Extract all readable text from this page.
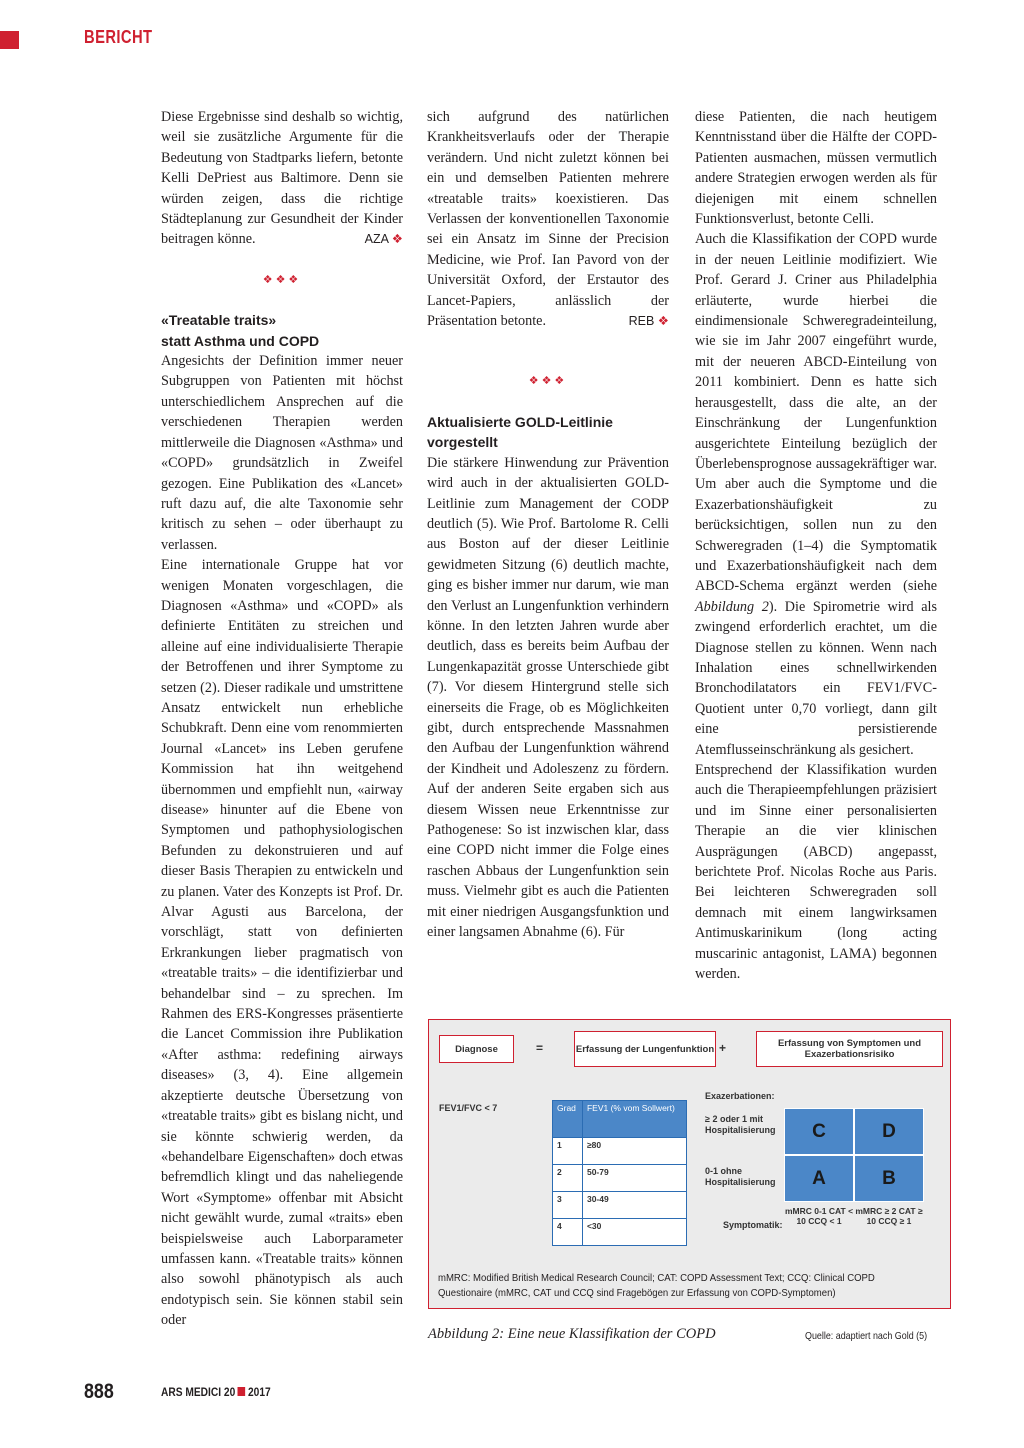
BERICHT

Diese Ergebnisse sind deshalb so wichtig, weil sie zusätzliche Argumente für die Bedeutung von Stadtparks liefern, betonte Kelli DePriest aus Baltimore. Denn sie würden zeigen, dass die richtige Städteplanung zur Gesundheit der Kinder beitragen könne.	AZA ❖

❖❖❖
«Treatable traits»
statt Asthma und COPD

Angesichts der Definition immer neuer Subgruppen von Patienten mit höchst unterschiedlichem Ansprechen auf die verschiedenen Therapien werden mittlerweile die Diagnosen «Asthma» und «COPD» grundsätzlich in Zweifel gezogen. Eine Publikation des «Lancet» ruft dazu auf, die alte Taxonomie sehr kritisch zu sehen – oder überhaupt zu verlassen.

Eine internationale Gruppe hat vor wenigen Monaten vorgeschlagen, die Diagnosen «Asthma» und «COPD» als definierte Entitäten zu streichen und alleine auf eine individualisierte Therapie der Betroffenen und ihrer Symptome zu setzen (2). Dieser radikale und umstrittene Ansatz entwickelt nun erhebliche Schubkraft. Denn eine vom renommierten Journal «Lancet» ins Leben gerufene Kommission hat ihn weitgehend übernommen und empfiehlt nun, «airway disease» hinunter auf die Ebene von Symptomen und pathophysiologischen Befunden zu dekonstruieren und auf dieser Basis Therapien zu entwickeln und zu planen. Vater des Konzepts ist Prof. Dr. Alvar Agusti aus Barcelona, der vorschlägt, statt von definierten Erkrankungen lieber pragmatisch von «treatable traits» – die identifizierbar und behandelbar sind – zu sprechen. Im Rahmen des ERS-Kongresses präsentierte die Lancet Commission ihre Publikation «After asthma: redefining airways diseases» (3, 4). Eine allgemein akzeptierte deutsche Übersetzung von «treatable traits» gibt es bislang nicht, und sie könnte schwierig werden, da «behandelbare Eigenschaften» doch etwas befremdlich klingt und das naheliegende Wort «Symptome» offenbar mit Absicht nicht gewählt wurde, zumal «traits» eben beispielsweise auch Laborparameter umfassen kann. «Treatable traits» können also sowohl phänotypisch als auch endotypisch sein. Sie können stabil sein oder

sich aufgrund des natürlichen Krankheitsverlaufs oder der Therapie verändern. Und nicht zuletzt können bei ein und demselben Patienten mehrere «treatable traits» koexistieren. Das Verlassen der konventionellen Taxonomie sei ein Ansatz im Sinne der Precision Medicine, wie Prof. Ian Pavord von der Universität Oxford, der Erstautor des Lancet-Papiers, anlässlich der Präsentation betonte.	REB ❖

❖❖❖
Aktualisierte GOLD-Leitlinie
vorgestellt

Die stärkere Hinwendung zur Prävention wird auch in der aktualisierten GOLD-Leitlinie zum Management der CODP deutlich (5). Wie Prof. Bartolome R. Celli aus Boston auf der dieser Leitlinie gewidmeten Sitzung (6) deutlich machte, ging es bisher immer nur darum, wie man den Verlust an Lungenfunktion verhindern könne. In den letzten Jahren wurde aber deutlich, dass es bereits beim Aufbau der Lungenkapazität grosse Unterschiede gibt (7). Vor diesem Hintergrund stelle sich einerseits die Frage, ob es Möglichkeiten gibt, durch entsprechende Massnahmen den Aufbau der Lungenfunktion während der Kindheit und Adoleszenz zu fördern. Auf der anderen Seite ergaben sich aus diesem Wissen neue Erkenntnisse zur Pathogenese: So ist inzwischen klar, dass eine COPD nicht immer die Folge eines raschen Abbaus der Lungenfunktion sein muss. Vielmehr gibt es auch die Patienten mit einer niedrigen Ausgangsfunktion und einer langsamen Abnahme (6). Für

diese Patienten, die nach heutigem Kenntnisstand über die Hälfte der COPD-Patienten ausmachen, müssen vermutlich andere Strategien erwogen werden als für diejenigen mit einem schnellen Funktionsverlust, betonte Celli.

Auch die Klassifikation der COPD wurde in der neuen Leitlinie modifiziert. Wie Prof. Gerard J. Criner aus Philadelphia erläuterte, wurde hierbei die eindimensionale Schweregradeinteilung, wie sie im Jahr 2007 eingeführt wurde, mit der neueren ABCD-Einteilung von 2011 kombiniert. Denn es hatte sich herausgestellt, dass die alte, an der Einschränkung der Lungenfunktion ausgerichtete Einteilung bezüglich der Überlebensprognose aussagekräftiger war. Um aber auch die Symptome und die Exazerbationshäufigkeit zu berücksichtigen, sollen nun zu den Schweregraden (1–4) die Symptomatik und Exazerbationshäufigkeit nach dem ABCD-Schema ergänzt werden (siehe Abbildung 2). Die Spirometrie wird als zwingend erforderlich erachtet, um die Diagnose stellen zu können. Wenn nach Inhalation eines schnellwirkenden Bronchodilatators ein FEV1/FVC-Quotient unter 0,70 vorliegt, dann gilt eine persistierende Atemflusseinschränkung als gesichert.

Entsprechend der Klassifikation wurden auch die Therapieempfehlungen präzisiert und im Sinne einer personalisierten Therapie an die vier klinischen Ausprägungen (ABCD) angepasst, berichtete Prof. Nicolas Roche aus Paris. Bei leichteren Schweregraden soll demnach mit einem langwirksamen Antimuskarinikum (long acting muscarinic antagonist, LAMA) begonnen werden.

Diagnose	=	Erfassung der Lungenfunktion +	Erfassung von Symptomen und Exazerbationsrisiko
FEV1/FVC < 7	Grad	FEV1 (% vom Sollwert)
1	≥80
2	50-79
3	30-49
4	<30
Exazerbationen:
≥ 2 oder 1 mit Hospitalisierung
0-1 ohne Hospitalisierung
C	D
A	B
Symptomatik:
mMRC 0-1 CAT < 10 CCQ < 1
mMRC ≥ 2 CAT ≥ 10 CCQ ≥ 1
mMRC: Modified British Medical Research Council; CAT: COPD Assessment Text; CCQ: Clinical COPD Questionaire (mMRC, CAT und CCQ sind Fragebögen zur Erfassung von COPD-Symptomen)
Abbildung 2: Eine neue Klassifikation der COPD	Quelle: adaptiert nach Gold (5)
888	ARS MEDICI 20 2017
